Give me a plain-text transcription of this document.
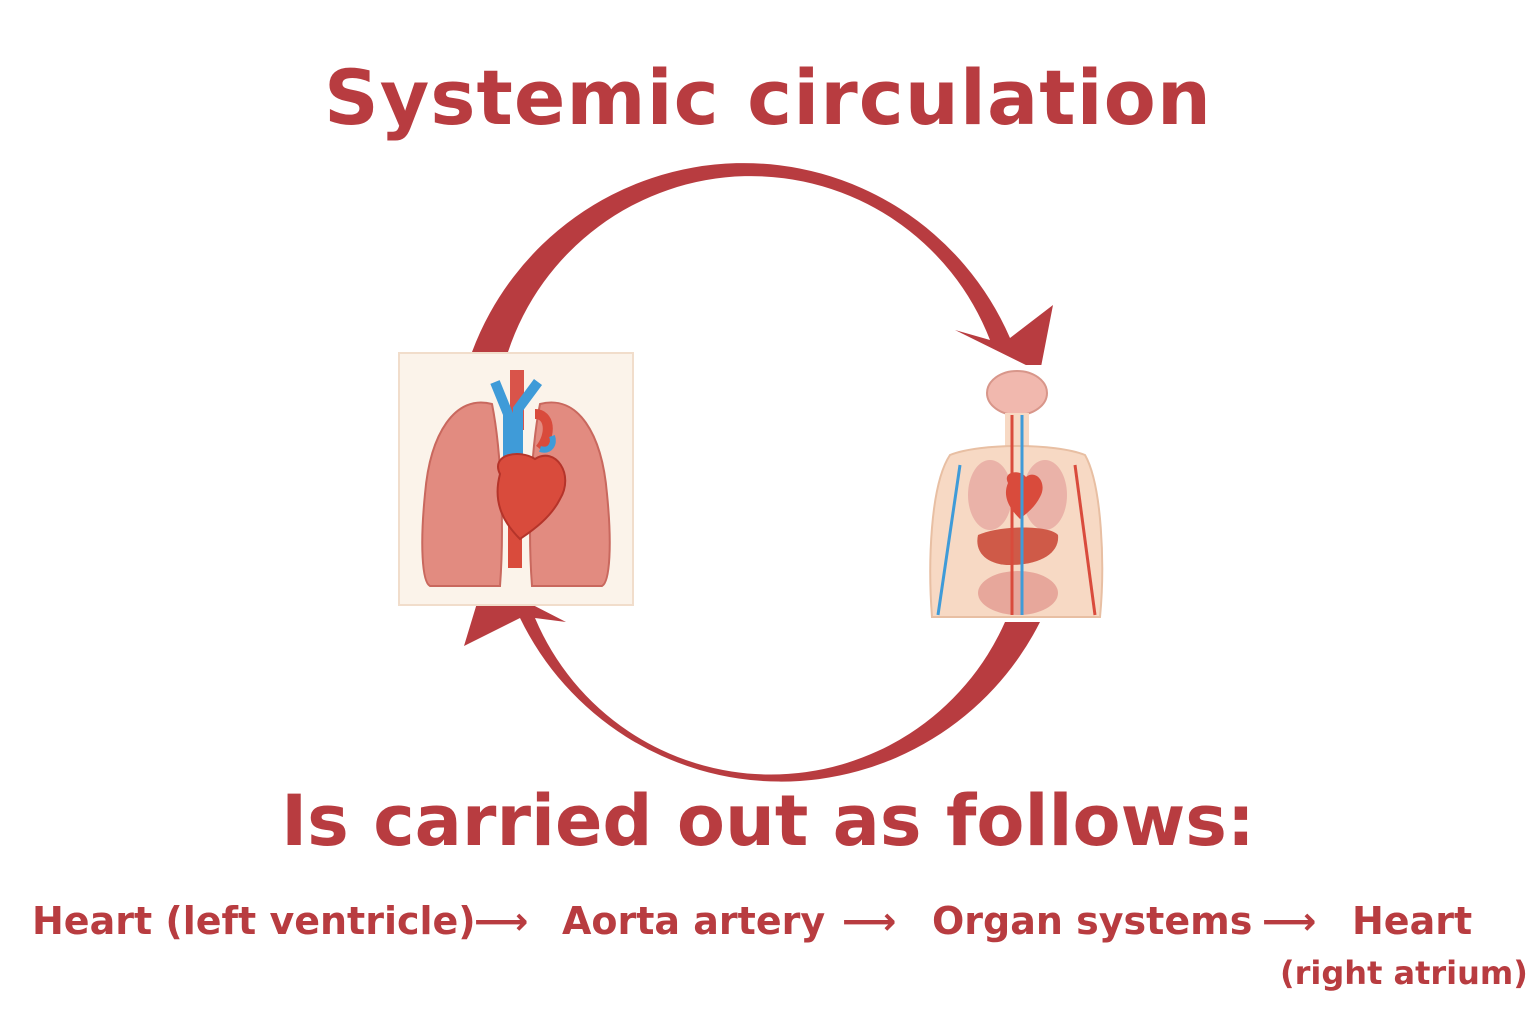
Systemic circulation
Is carried out as follows:
Heart (left ventricle)
⟶ Aorta artery ⟶ Organ systems ⟶ Heart
(right atrium)
